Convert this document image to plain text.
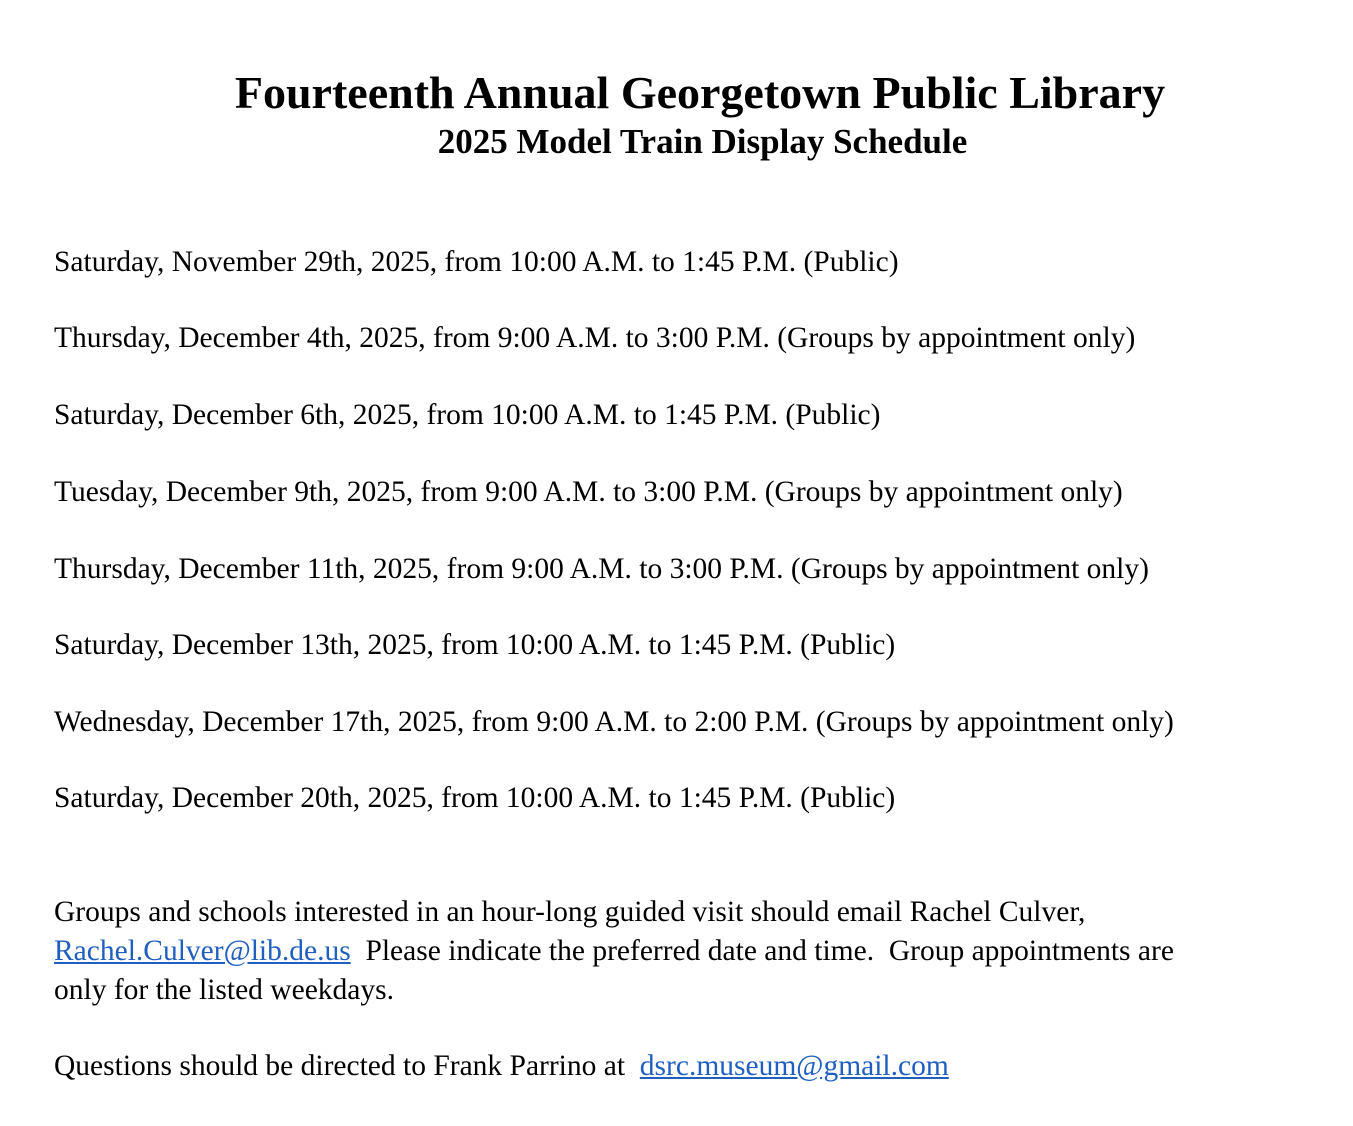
Fourteenth Annual Georgetown Public Library
2025 Model Train Display Schedule
Saturday, November 29th, 2025, from 10:00 A.M. to 1:45 P.M. (Public)
Thursday, December 4th, 2025, from 9:00 A.M. to 3:00 P.M. (Groups by appointment only)
Saturday, December 6th, 2025, from 10:00 A.M. to 1:45 P.M. (Public)
Tuesday, December 9th, 2025, from 9:00 A.M. to 3:00 P.M. (Groups by appointment only)
Thursday, December 11th, 2025, from 9:00 A.M. to 3:00 P.M. (Groups by appointment only)
Saturday, December 13th, 2025, from 10:00 A.M. to 1:45 P.M. (Public)
Wednesday, December 17th, 2025, from 9:00 A.M. to 2:00 P.M. (Groups by appointment only)
Saturday, December 20th, 2025, from 10:00 A.M. to 1:45 P.M. (Public)
Groups and schools interested in an hour-long guided visit should email Rachel Culver,
Rachel.Culver@lib.de.us  Please indicate the preferred date and time.  Group appointments are
only for the listed weekdays.
Questions should be directed to Frank Parrino at  dsrc.museum@gmail.com
